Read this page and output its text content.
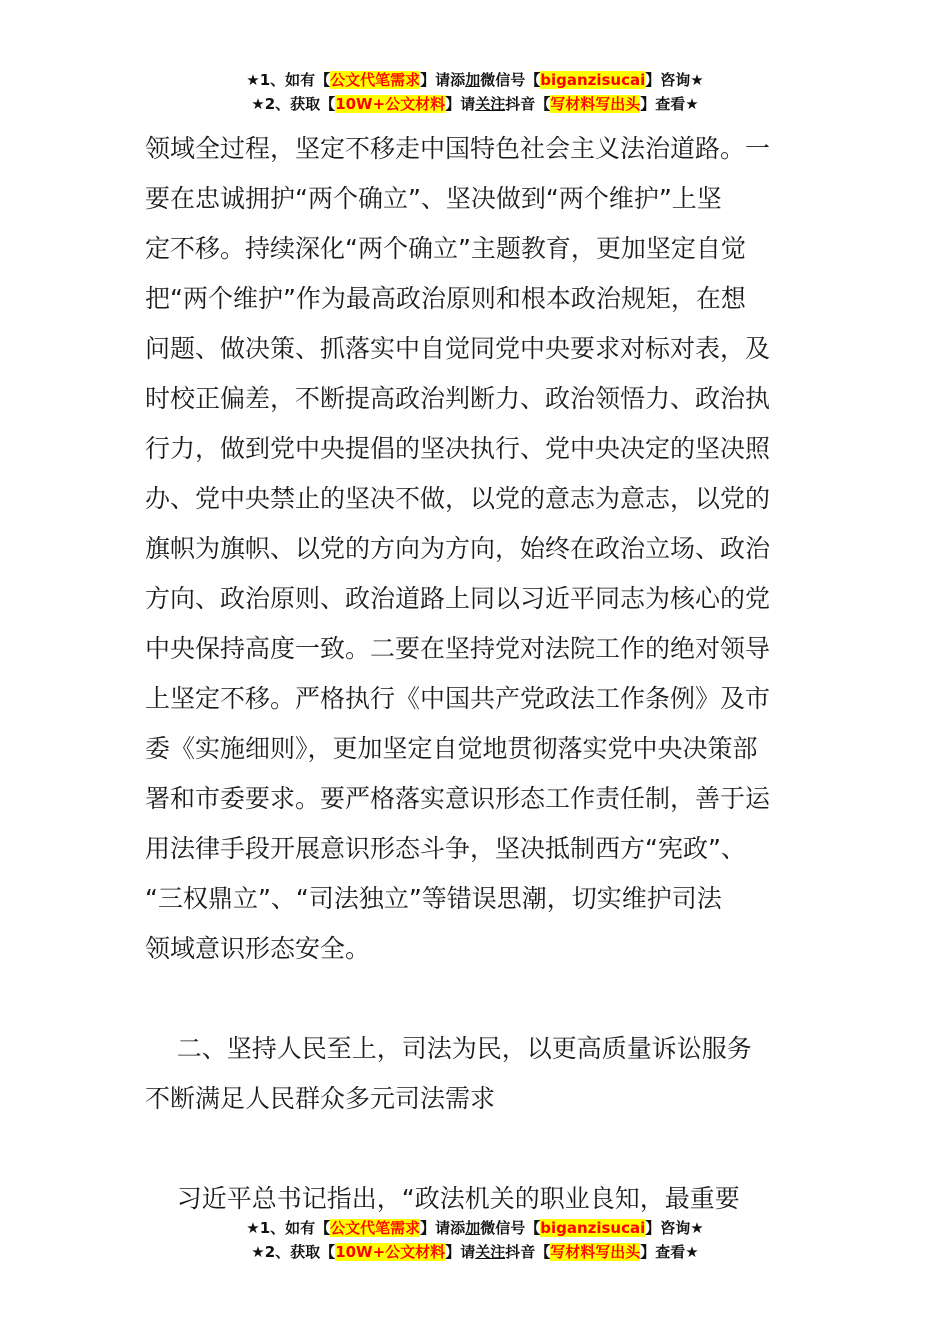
★1、如有【公文代笔需求】请添加微信号【biganzisucai】咨询★
★2、获取【10W+公文材料】请关注抖音【写材料写出头】查看★
领域全过程，坚定不移走中国特色社会主义法治道路。一
要在忠诚拥护“两个确立”、坚决做到“两个维护”上坚
定不移。持续深化“两个确立”主题教育，更加坚定自觉
把“两个维护”作为最高政治原则和根本政治规矩，在想
问题、做决策、抓落实中自觉同党中央要求对标对表，及
时校正偏差，不断提高政治判断力、政治领悟力、政治执
行力，做到党中央提倡的坚决执行、党中央决定的坚决照
办、党中央禁止的坚决不做，以党的意志为意志，以党的
旗帜为旗帜、以党的方向为方向，始终在政治立场、政治
方向、政治原则、政治道路上同以习近平同志为核心的党
中央保持高度一致。二要在坚持党对法院工作的绝对领导
上坚定不移。严格执行《中国共产党政法工作条例》及市
委《实施细则》，更加坚定自觉地贯彻落实党中央决策部
署和市委要求。要严格落实意识形态工作责任制，善于运
用法律手段开展意识形态斗争，坚决抵制西方“宪政”、
“三权鼎立”、“司法独立”等错误思潮，切实维护司法
领域意识形态安全。
二、坚持人民至上，司法为民，以更高质量诉讼服务
不断满足人民群众多元司法需求
习近平总书记指出，“政法机关的职业良知，最重要
★1、如有【公文代笔需求】请添加微信号【biganzisucai】咨询★
★2、获取【10W+公文材料】请关注抖音【写材料写出头】查看★
